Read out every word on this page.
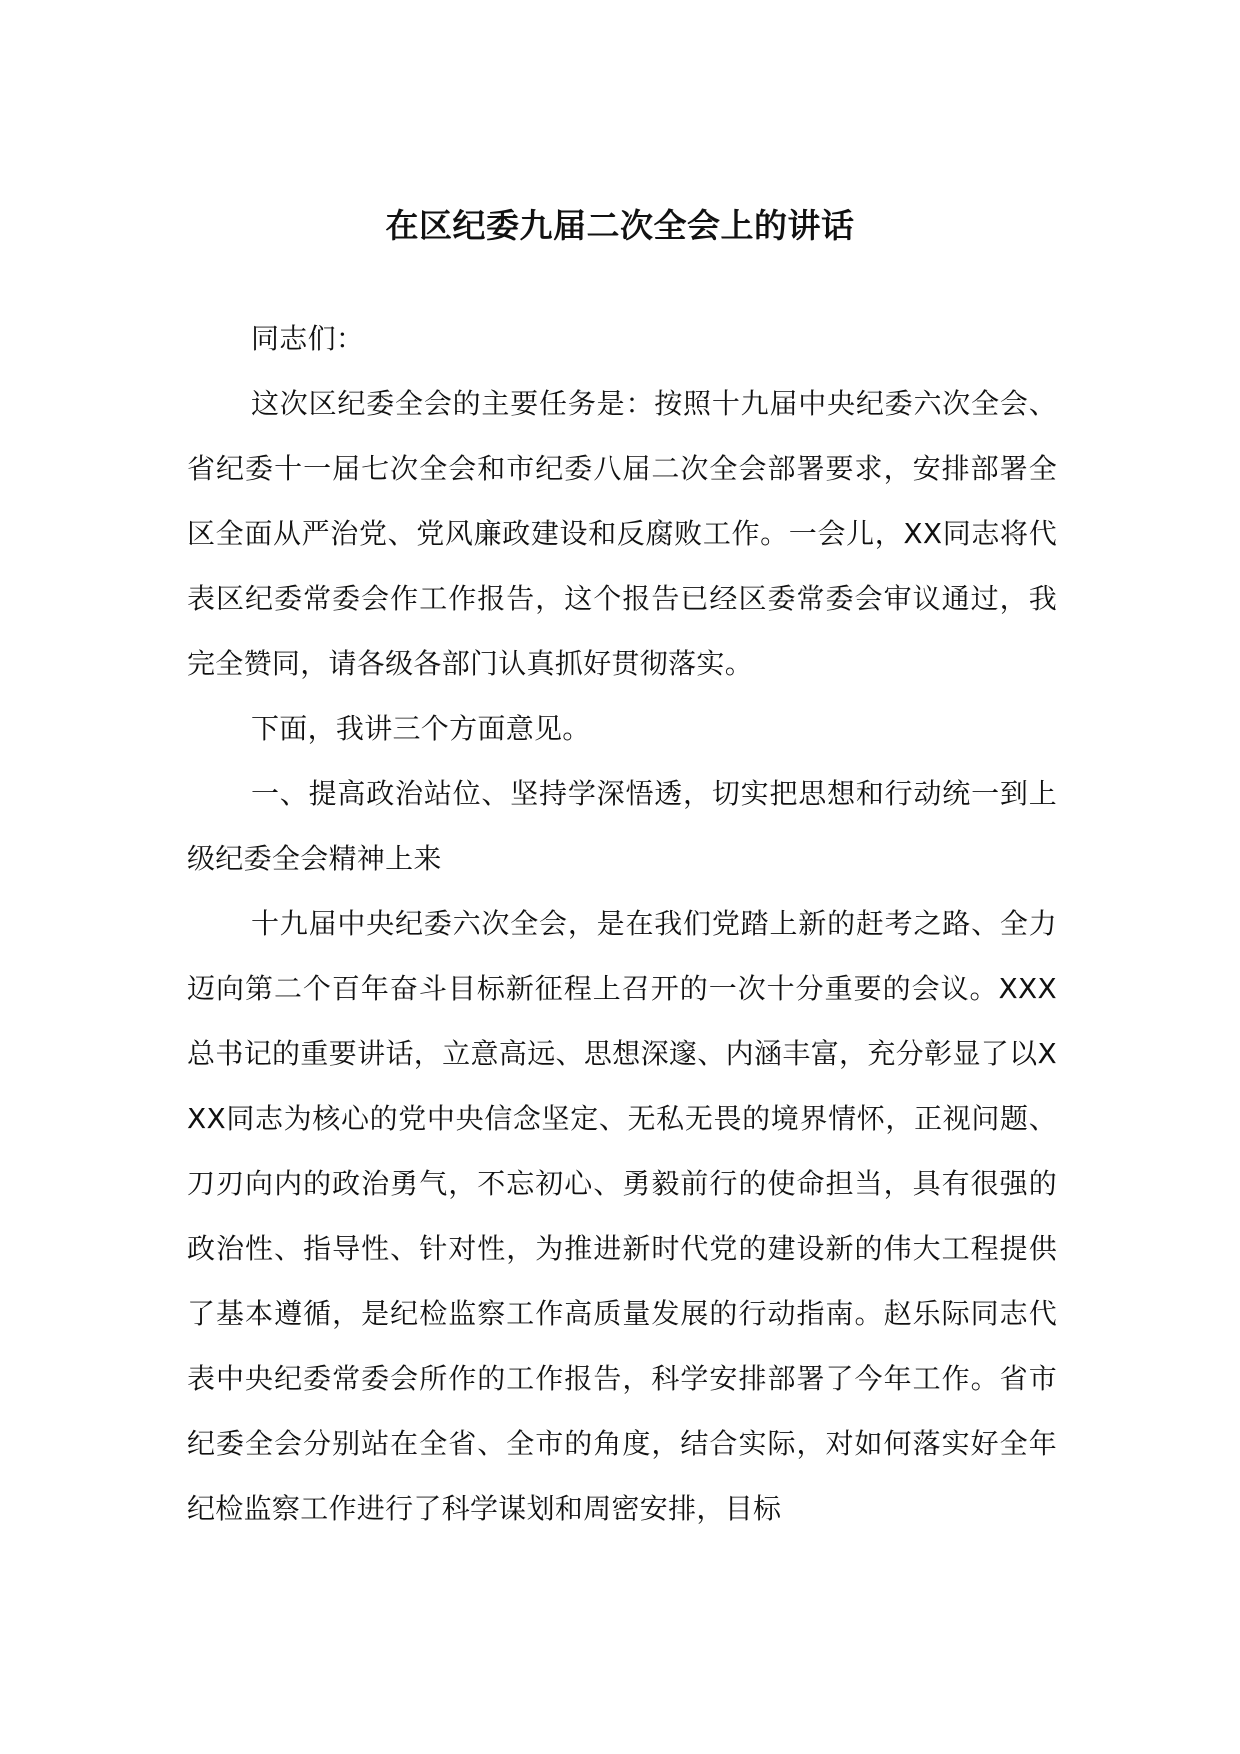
在区纪委九届二次全会上的讲话

同志们：

这次区纪委全会的主要任务是：按照十九届中央纪委六次全会、省纪委十一届七次全会和市纪委八届二次全会部署要求，安排部署全区全面从严治党、党风廉政建设和反腐败工作。一会儿，XX同志将代表区纪委常委会作工作报告，这个报告已经区委常委会审议通过，我完全赞同，请各级各部门认真抓好贯彻落实。

下面，我讲三个方面意见。

一、提高政治站位、坚持学深悟透，切实把思想和行动统一到上级纪委全会精神上来

十九届中央纪委六次全会，是在我们党踏上新的赶考之路、全力迈向第二个百年奋斗目标新征程上召开的一次十分重要的会议。XXX总书记的重要讲话，立意高远、思想深邃、内涵丰富，充分彰显了以XXX同志为核心的党中央信念坚定、无私无畏的境界情怀，正视问题、刀刃向内的政治勇气，不忘初心、勇毅前行的使命担当，具有很强的政治性、指导性、针对性，为推进新时代党的建设新的伟大工程提供了基本遵循，是纪检监察工作高质量发展的行动指南。赵乐际同志代表中央纪委常委会所作的工作报告，科学安排部署了今年工作。省市纪委全会分别站在全省、全市的角度，结合实际，对如何落实好全年纪检监察工作进行了科学谋划和周密安排，目标
